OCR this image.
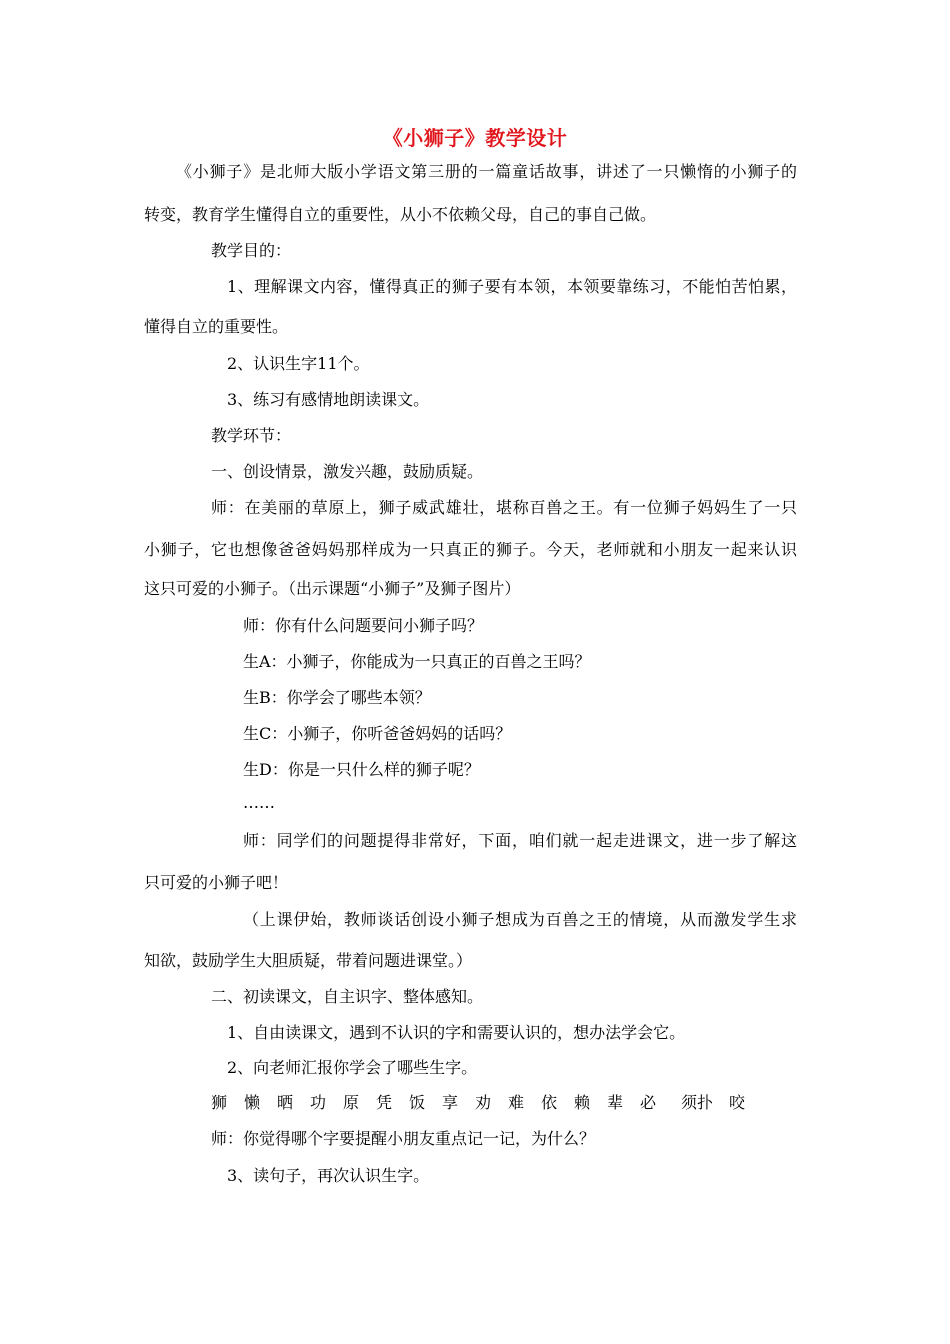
《小狮子》教学设计
《小狮子》是北师大版小学语文第三册的一篇童话故事，讲述了一只懒惰的小狮子的
转变，教育学生懂得自立的重要性，从小不依赖父母，自己的事自己做。
教学目的：
1、理解课文内容，懂得真正的狮子要有本领，本领要靠练习，不能怕苦怕累，
懂得自立的重要性。
2、认识生字11个。
3、练习有感情地朗读课文。
教学环节：
一、创设情景，激发兴趣，鼓励质疑。
师：在美丽的草原上，狮子威武雄壮，堪称百兽之王。有一位狮子妈妈生了一只
小狮子，它也想像爸爸妈妈那样成为一只真正的狮子。今天，老师就和小朋友一起来认识
这只可爱的小狮子。（出示课题“小狮子”及狮子图片）
师：你有什么问题要问小狮子吗？
生A：小狮子，你能成为一只真正的百兽之王吗？
生B：你学会了哪些本领？
生C：小狮子，你听爸爸妈妈的话吗？
生D：你是一只什么样的狮子呢？
……
师：同学们的问题提得非常好，下面，咱们就一起走进课文，进一步了解这
只可爱的小狮子吧！
（上课伊始，教师谈话创设小狮子想成为百兽之王的情境，从而激发学生求
知欲，鼓励学生大胆质疑，带着问题进课堂。）
二、初读课文，自主识字、整体感知。
1、自由读课文，遇到不认识的字和需要认识的，想办法学会它。
2、向老师汇报你学会了哪些生字。
狮 懒 晒 功 原 凭 饭 享 劝 难 依 赖 辈 必 须扑 咬
师：你觉得哪个字要提醒小朋友重点记一记，为什么？
3、读句子，再次认识生字。
